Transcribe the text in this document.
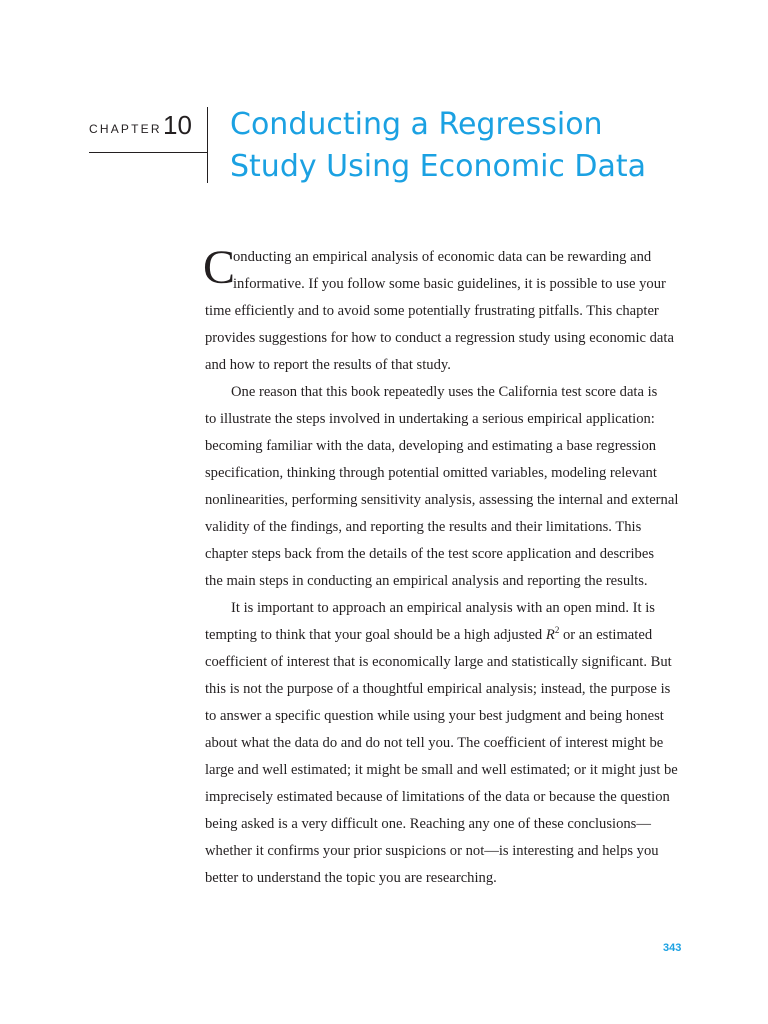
CHAPTER 10 Conducting a Regression
Study Using Economic Data
C
onducting an empirical analysis of economic data can be rewarding and
informative. If you follow some basic guidelines, it is possible to use your
time efficiently and to avoid some potentially frustrating pitfalls. This chapter
provides suggestions for how to conduct a regression study using economic data
and how to report the results of that study.
One reason that this book repeatedly uses the California test score data is
to illustrate the steps involved in undertaking a serious empirical application:
becoming familiar with the data, developing and estimating a base regression
specification, thinking through potential omitted variables, modeling relevant
nonlinearities, performing sensitivity analysis, assessing the internal and external
validity of the findings, and reporting the results and their limitations. This
chapter steps back from the details of the test score application and describes
the main steps in conducting an empirical analysis and reporting the results.
It is important to approach an empirical analysis with an open mind. It is
tempting to think that your goal should be a high adjusted $R^2$ or an estimated
coefficient of interest that is economically large and statistically significant. But
this is not the purpose of a thoughtful empirical analysis; instead, the purpose is
to answer a specific question while using your best judgment and being honest
about what the data do and do not tell you. The coefficient of interest might be
large and well estimated; it might be small and well estimated; or it might just be
imprecisely estimated because of limitations of the data or because the question
being asked is a very difficult one. Reaching any one of these conclusions—
whether it confirms your prior suspicions or not—is interesting and helps you
better to understand the topic you are researching.
343
